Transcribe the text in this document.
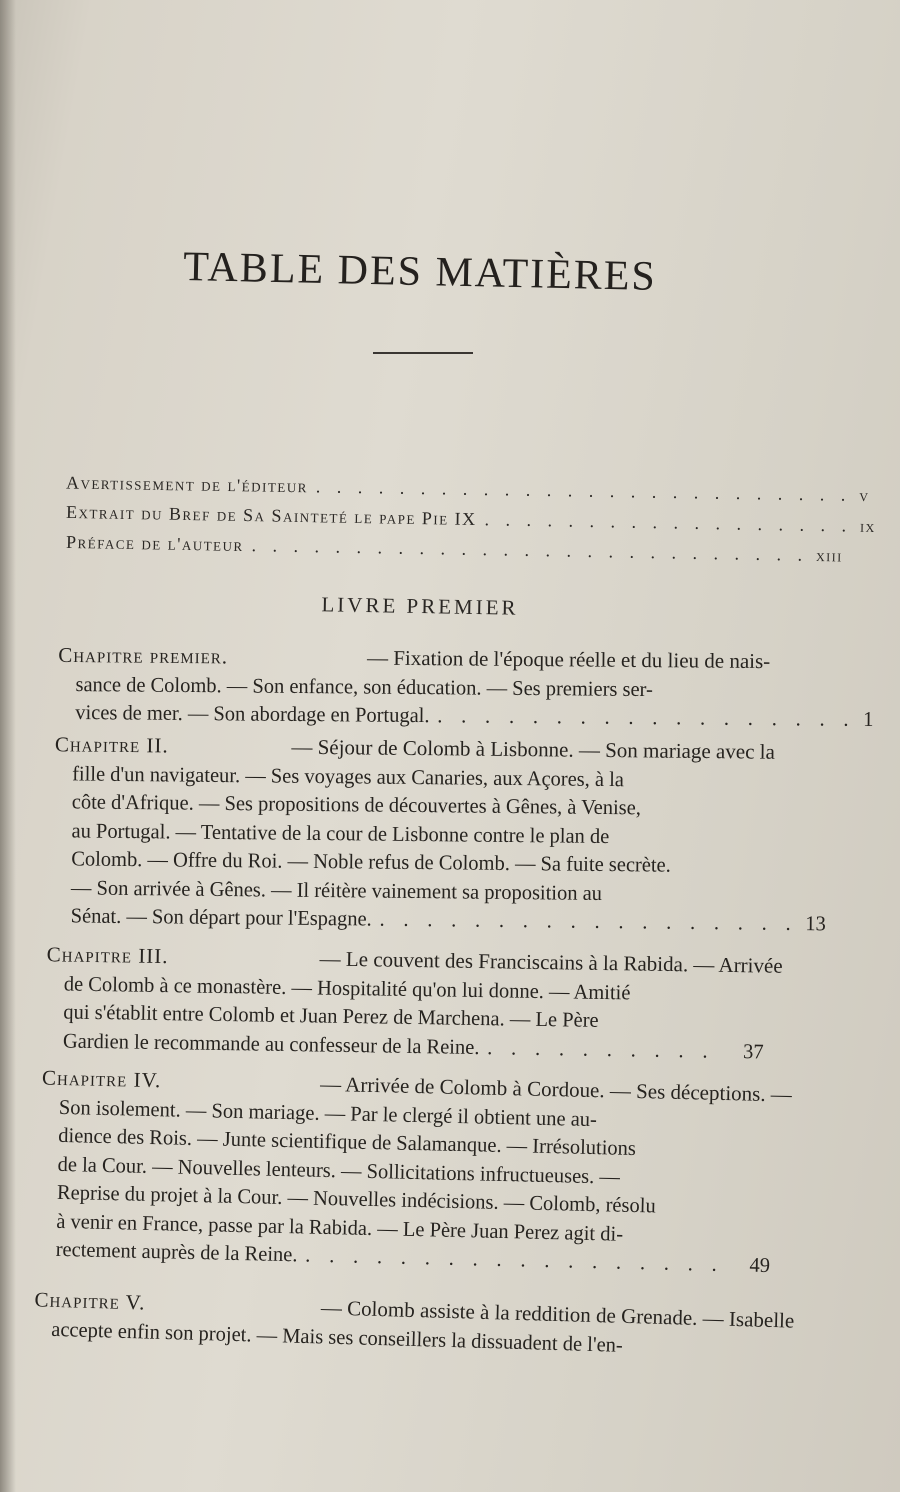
TABLE DES MATIÈRES
Avertissement de l'éditeur . . . . . . . . . . . . . . . . . . . . . . . . . . v
Extrait du Bref de Sa Sainteté le pape Pie IX . . . . . . . . . . . . . . . . . . ix
Préface de l'auteur . . . . . . . . . . . . . . . . . . . . . . . . . . . xiii
LIVRE PREMIER
Chapitre premier.	— Fixation de l'époque réelle et du lieu de nais-
sance de Colomb. — Son enfance, son éducation. — Ses premiers ser-
vices de mer. — Son abordage en Portugal. . . . . . . . . . . . . . . . . . . 1
Chapitre II.	— Séjour de Colomb à Lisbonne. — Son mariage avec la
fille d'un navigateur. — Ses voyages aux Canaries, aux Açores, à la
côte d'Afrique. — Ses propositions de découvertes à Gênes, à Venise,
au Portugal. — Tentative de la cour de Lisbonne contre le plan de
Colomb. — Offre du Roi. — Noble refus de Colomb. — Sa fuite secrète.
— Son arrivée à Gênes. — Il réitère vainement sa proposition au
Sénat. — Son départ pour l'Espagne. . . . . . . . . . . . . . . . . . . 13
Chapitre III.	— Le couvent des Franciscains à la Rabida. — Arrivée
de Colomb à ce monastère. — Hospitalité qu'on lui donne. — Amitié
qui s'établit entre Colomb et Juan Perez de Marchena. — Le Père
Gardien le recommande au confesseur de la Reine. . . . . . . . . . .	37
Chapitre IV.	— Arrivée de Colomb à Cordoue. — Ses déceptions. —
Son isolement. — Son mariage. — Par le clergé il obtient une au-
dience des Rois. — Junte scientifique de Salamanque. — Irrésolutions
de la Cour. — Nouvelles lenteurs. — Sollicitations infructueuses. —
Reprise du projet à la Cour. — Nouvelles indécisions. — Colomb, résolu
à venir en France, passe par la Rabida. — Le Père Juan Perez agit di-
rectement auprès de la Reine. . . . . . . . . . . . . . . . . . .	49
Chapitre V.	— Colomb assiste à la reddition de Grenade. — Isabelle
accepte enfin son projet. — Mais ses conseillers la dissuadent de l'en-
